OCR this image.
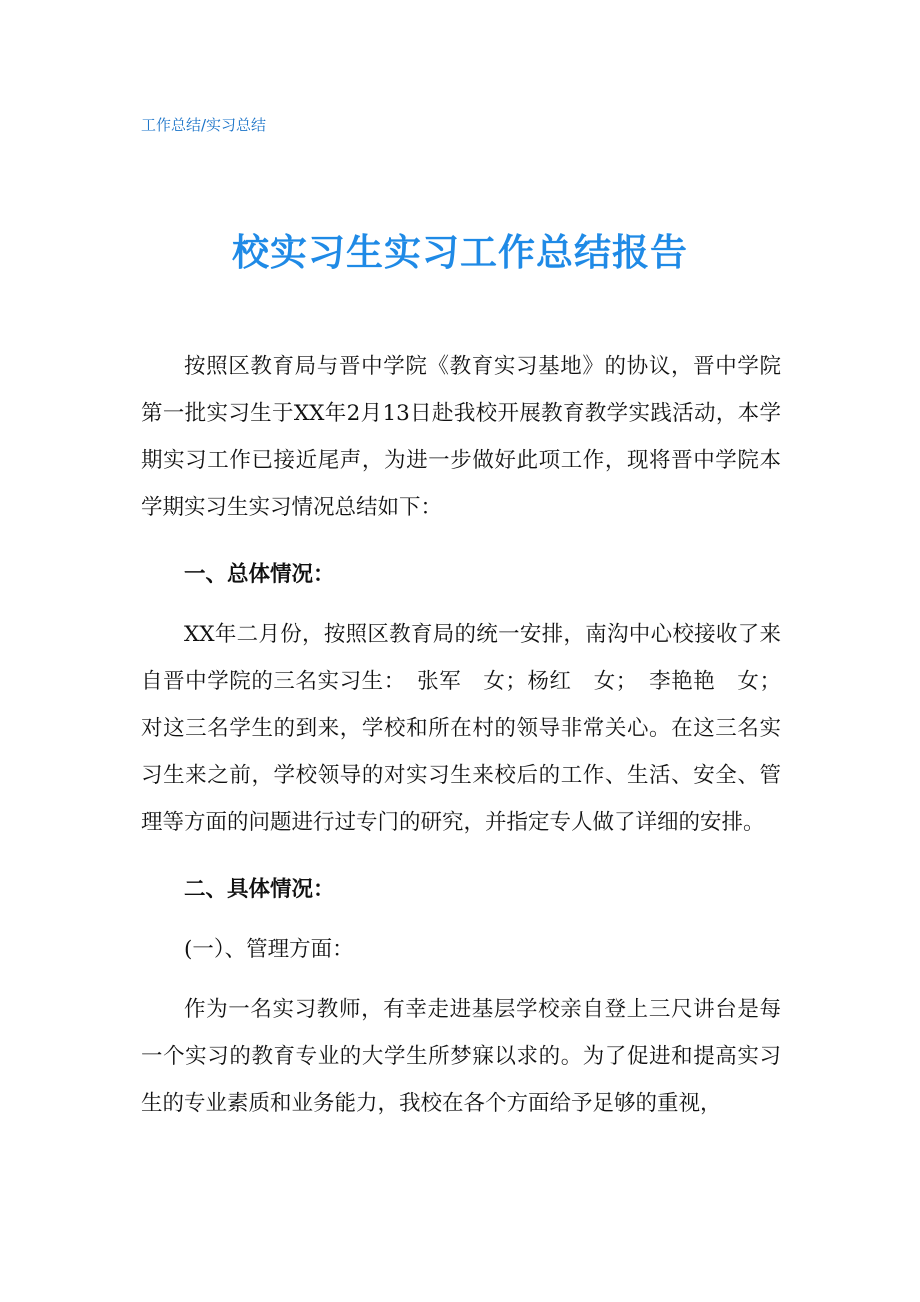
工作总结/实习总结
校实习生实习工作总结报告

按照区教育局与晋中学院《教育实习基地》的协议，晋中学院第一批实习生于XX年2月13日赴我校开展教育教学实践活动，本学期实习工作已接近尾声，为进一步做好此项工作，现将晋中学院本学期实习生实习情况总结如下：

一、总体情况：

XX年二月份，按照区教育局的统一安排，南沟中心校接收了来自晋中学院的三名实习生：　张军　女；杨红　女；　李艳艳　女；对这三名学生的到来，学校和所在村的领导非常关心。在这三名实习生来之前，学校领导的对实习生来校后的工作、生活、安全、管理等方面的问题进行过专门的研究，并指定专人做了详细的安排。

二、具体情况：

(一）、管理方面：

作为一名实习教师，有幸走进基层学校亲自登上三尺讲台是每一个实习的教育专业的大学生所梦寐以求的。为了促进和提高实习生的专业素质和业务能力，我校在各个方面给予足够的重视，
